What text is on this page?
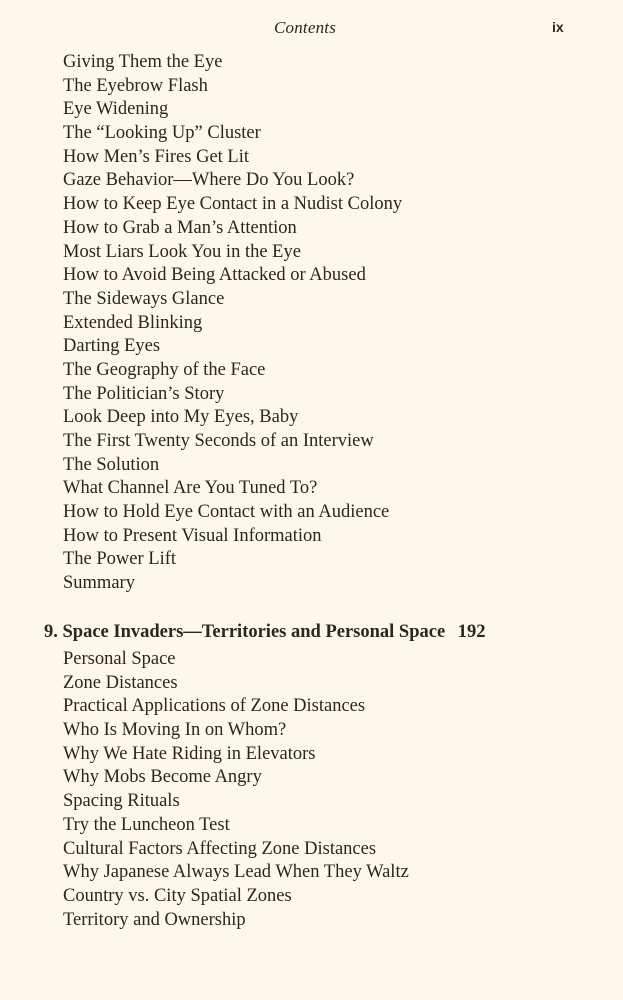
Contents	ix
Giving Them the Eye
The Eyebrow Flash
Eye Widening
The “Looking Up” Cluster
How Men’s Fires Get Lit
Gaze Behavior—Where Do You Look?
How to Keep Eye Contact in a Nudist Colony
How to Grab a Man’s Attention
Most Liars Look You in the Eye
How to Avoid Being Attacked or Abused
The Sideways Glance
Extended Blinking
Darting Eyes
The Geography of the Face
The Politician’s Story
Look Deep into My Eyes, Baby
The First Twenty Seconds of an Interview
The Solution
What Channel Are You Tuned To?
How to Hold Eye Contact with an Audience
How to Present Visual Information
The Power Lift
Summary
9. Space Invaders—Territories and Personal Space 192
Personal Space
Zone Distances
Practical Applications of Zone Distances
Who Is Moving In on Whom?
Why We Hate Riding in Elevators
Why Mobs Become Angry
Spacing Rituals
Try the Luncheon Test
Cultural Factors Affecting Zone Distances
Why Japanese Always Lead When They Waltz
Country vs. City Spatial Zones
Territory and Ownership
